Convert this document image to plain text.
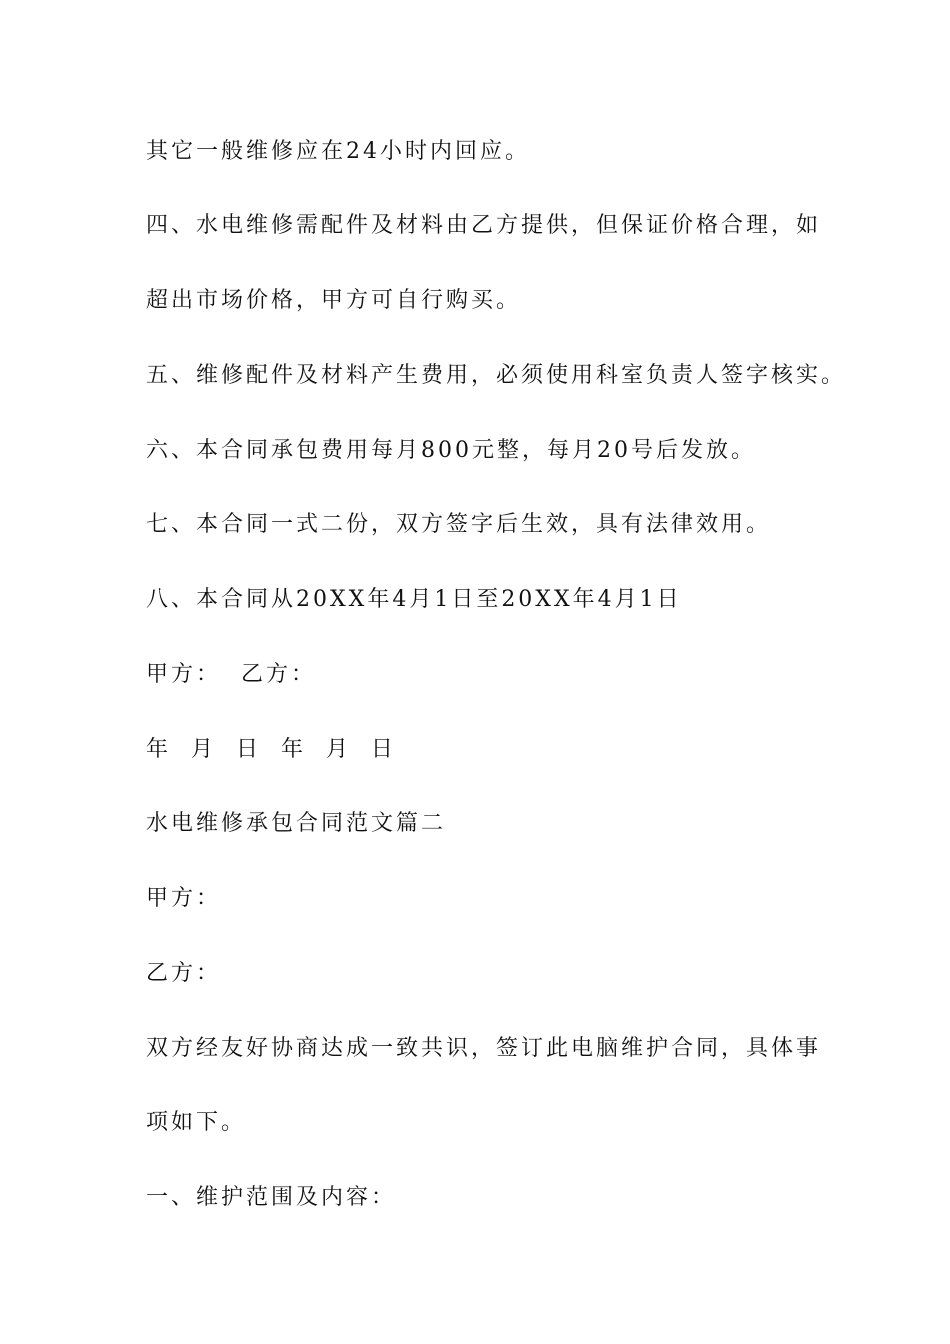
其它一般维修应在24小时内回应。

四、水电维修需配件及材料由乙方提供，但保证价格合理，如

超出市场价格，甲方可自行购买。

五、维修配件及材料产生费用，必须使用科室负责人签字核实。

六、本合同承包费用每月800元整，每月20号后发放。

七、本合同一式二份，双方签字后生效，具有法律效用。

八、本合同从20XX年4月1日至20XX年4月1日

甲方：  乙方：

年  月  日  年  月  日

水电维修承包合同范文篇二

甲方：

乙方：

双方经友好协商达成一致共识，签订此电脑维护合同，具体事

项如下。

一、维护范围及内容：
